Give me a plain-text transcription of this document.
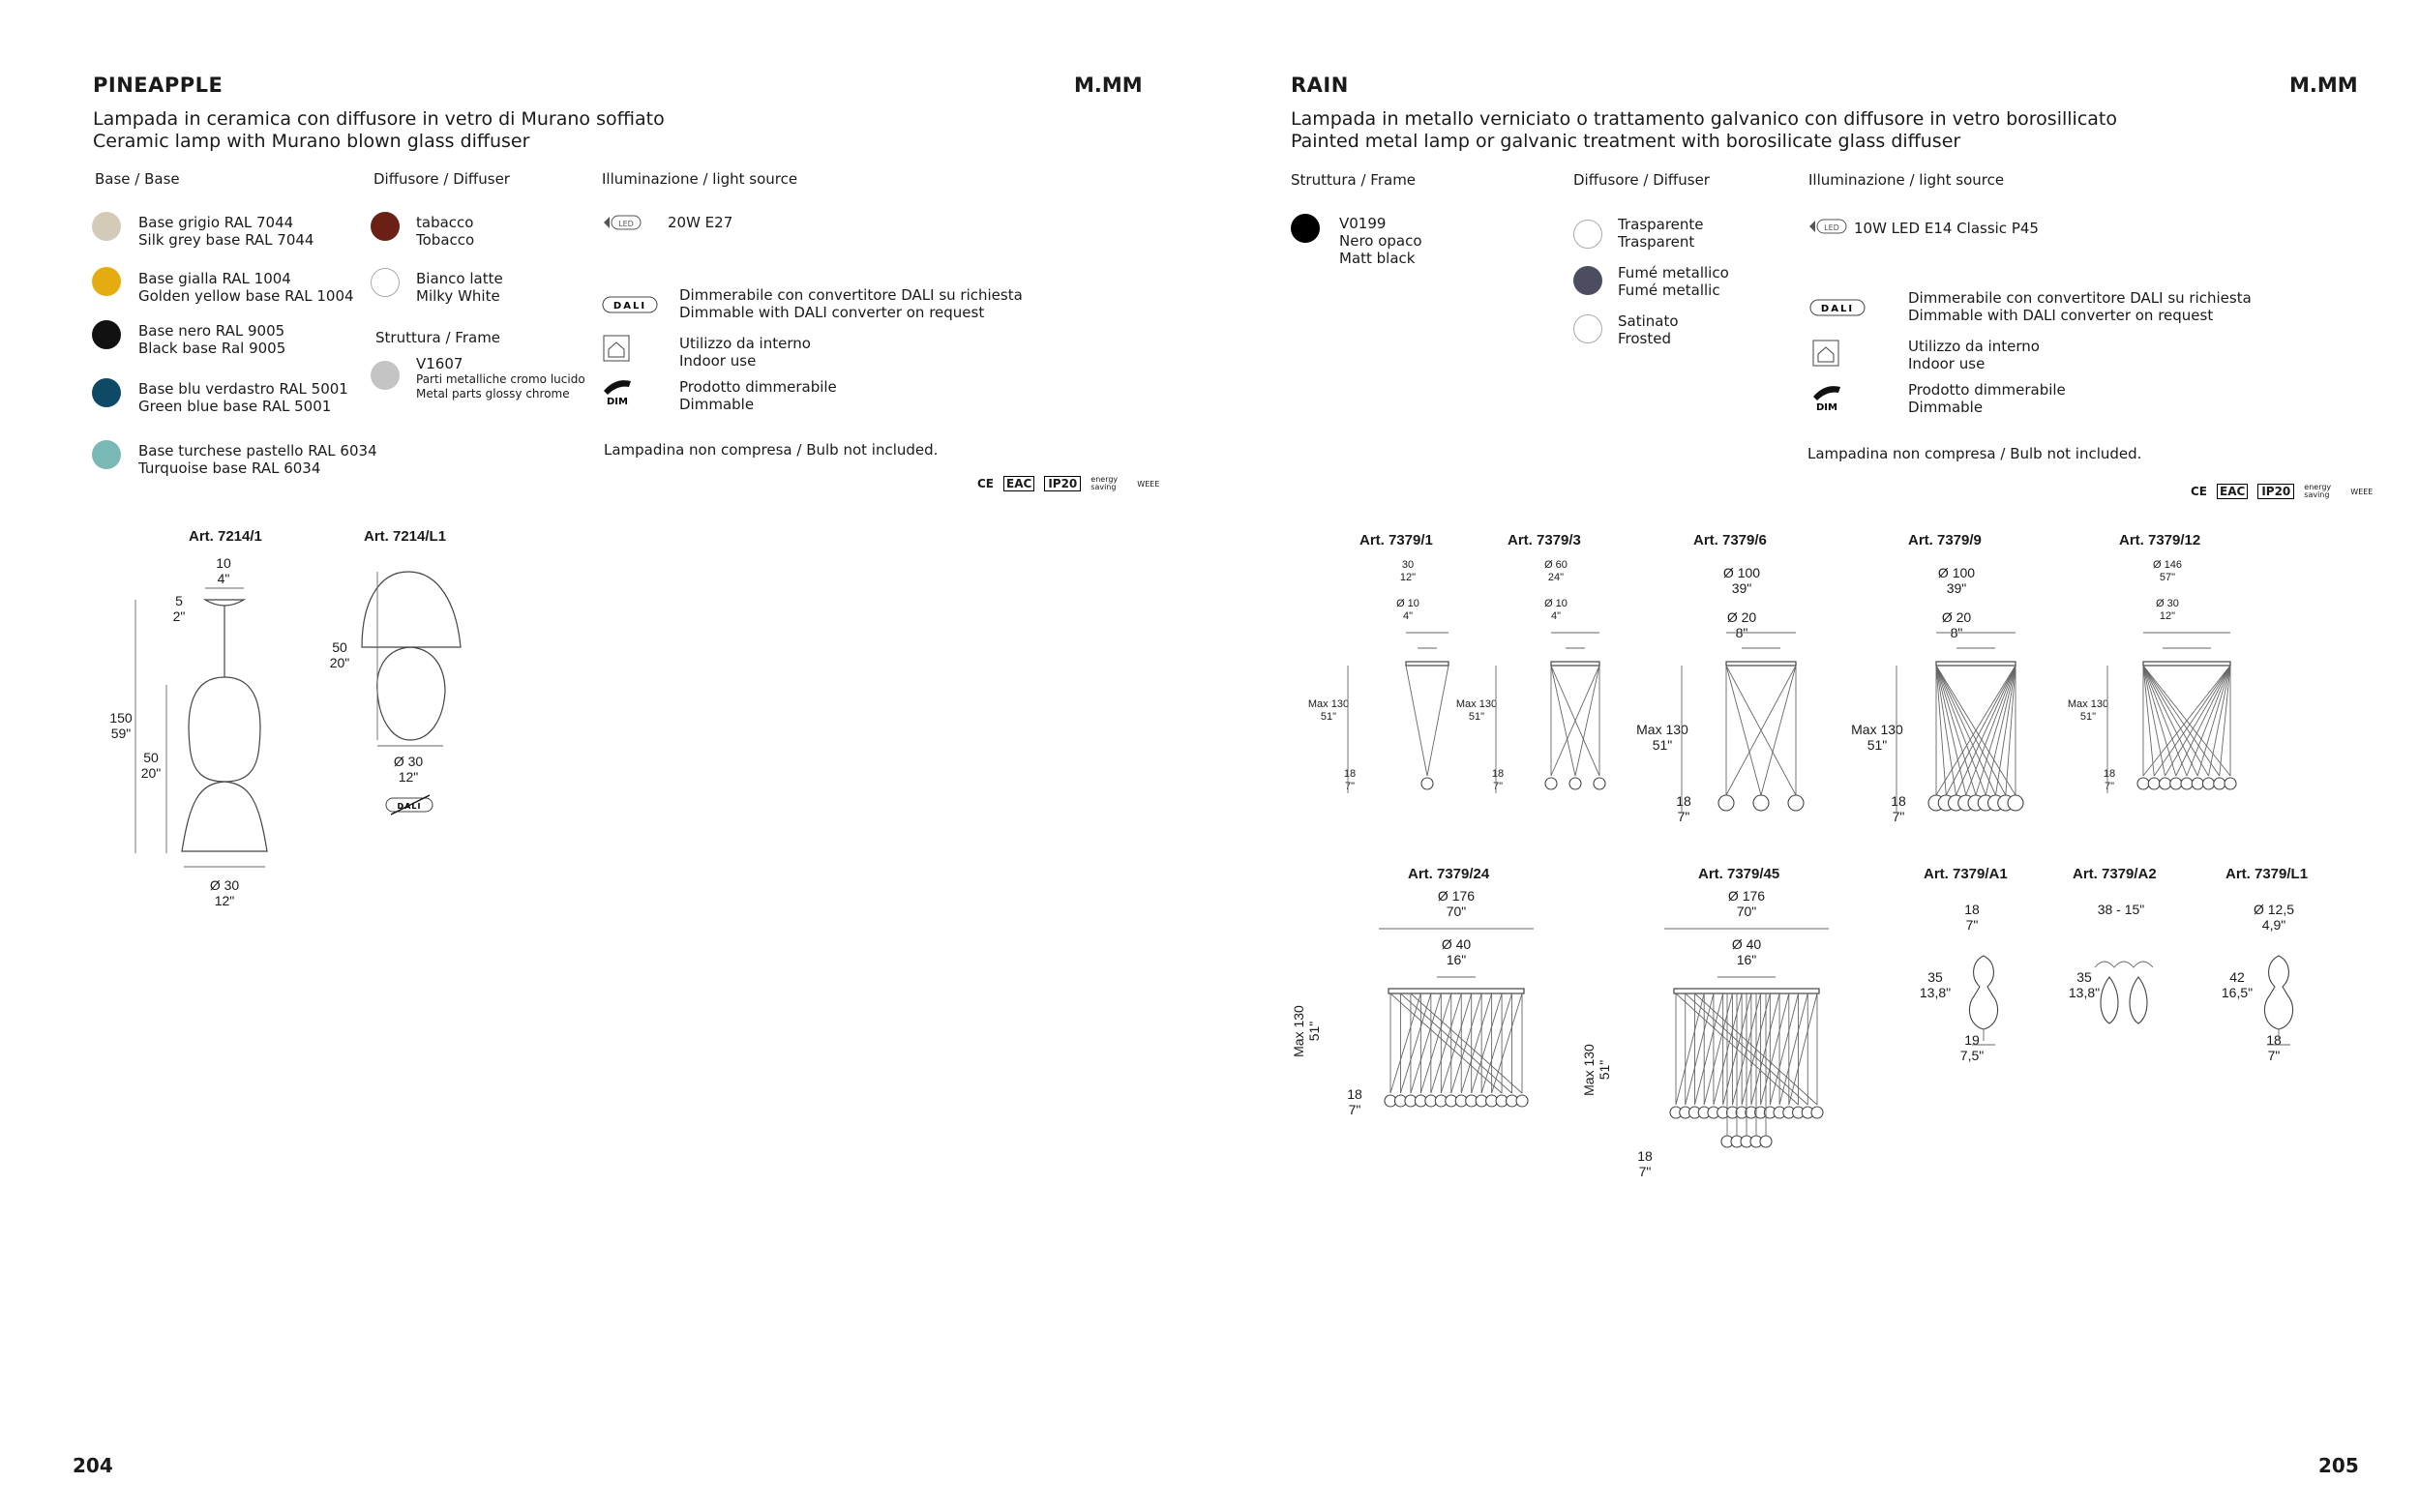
PINEAPPLE	M.MM
Lampada in ceramica con diffusore in vetro di Murano soffiato
Ceramic lamp with Murano blown glass diffuser
Base / Base	Diffusore / Diffuser	Illuminazione / light source
Base grigio RAL 7044
Silk grey base RAL 7044
Base gialla RAL 1004
Golden yellow base RAL 1004
Base nero RAL 9005
Black base Ral 9005
Base blu verdastro RAL 5001
Green blue base RAL 5001
Base turchese pastello RAL 6034
Turquoise base RAL 6034
tabacco
Tobacco
Bianco latte
Milky White
Struttura / Frame
V1607
Parti metalliche cromo lucido
Metal parts glossy chrome
LED 20W E27
DALI
Dimmerabile con convertitore DALI su richiesta
Dimmable with DALI converter on request
Utilizzo da interno
Indoor use
DIM
Prodotto dimmerabile
Dimmable
Lampadina non compresa / Bulb not included.
CE EAC	IP20	energy saving	WEEE
Art. 7214/1
10
4"
5
2"
150
59"
50
20"
Ø 30
12"
Art. 7214/L1
50
20"
Ø 30
12"
DALI
204
RAIN	M.MM
Lampada in metallo verniciato o trattamento galvanico con diffusore in vetro borosillicato
Painted metal lamp or galvanic treatment with borosilicate glass diffuser
Struttura / Frame	Diffusore / Diffuser	Illuminazione / light source
V0199
Nero opaco
Matt black
Trasparente
Trasparent
Fumé metallico
Fumé metallic
Satinato
Frosted
LED 10W LED E14 Classic P45
DALI
Dimmerabile con convertitore DALI su richiesta
Dimmable with DALI converter on request
Utilizzo da interno
Indoor use
DIM
Prodotto dimmerabile
Dimmable
Lampadina non compresa / Bulb not included.
CE EAC	IP20	energy saving	WEEE
Art. 7379/1
30
12"
Ø 10
4"
Max 130
51"
18
7"
Art. 7379/3
Ø 60
24"
Ø 10
4"
Max 130
51"
18
7"
Art. 7379/6
Ø 100
39"
Ø 20
8"
Max 130
51"
18
7"
Art. 7379/9
Ø 100
39"
Ø 20
8"
Max 130
51"
18
7"
Art. 7379/12
Ø 146
57"
Ø 30
12"
Max 130
51"
18
7"
Art. 7379/24
Ø 176
70"
Ø 40
16"
Max 130 51"
18
7"
Art. 7379/45
Ø 176
70"
Ø 40
16"
Max 130 51"
18
7"
Art. 7379/A1
18
7"
35
13,8"
19
7,5"
Art. 7379/A2
38 - 15"
35
13,8"
Art. 7379/L1
Ø 12,5
4,9"
42
16,5"
18
7"
205
